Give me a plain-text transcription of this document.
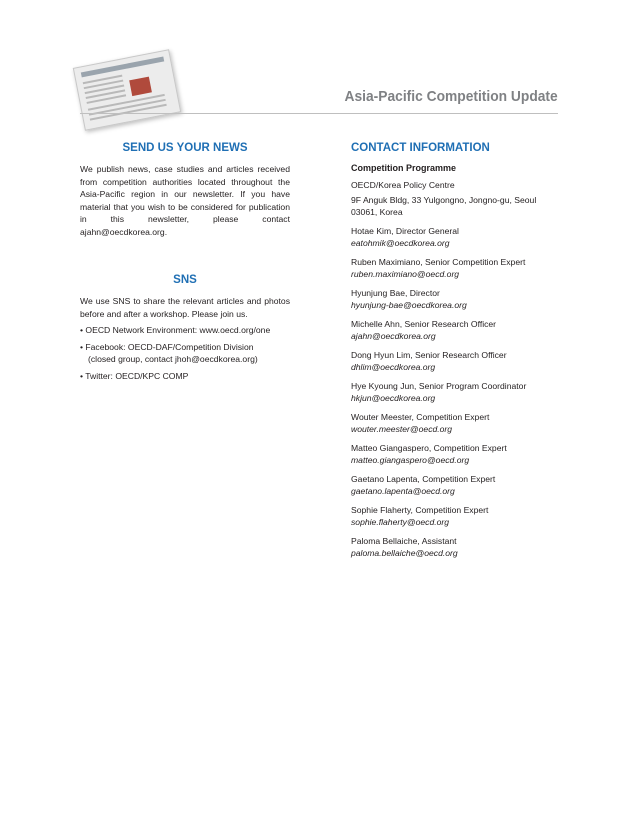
Asia-Pacific Competition Update
SEND US YOUR NEWS

We publish news, case studies and articles received from competition authorities located throughout the Asia-Pacific region in our newsletter. If you have material that you wish to be considered for publication in this newsletter, please contact ajahn@oecdkorea.org.

SNS

We use SNS to share the relevant articles and photos before and after a workshop. Please join us.

• OECD Network Environment: www.oecd.org/one
• Facebook: OECD-DAF/Competition Division
(closed group, contact jhoh@oecdkorea.org)
• Twitter: OECD/KPC COMP
CONTACT INFORMATION
Competition Programme
OECD/Korea Policy Centre
9F Anguk Bldg, 33 Yulgongno, Jongno-gu, Seoul 03061, Korea
Hotae Kim, Director General
eatohmik@oecdkorea.org
Ruben Maximiano, Senior Competition Expert
ruben.maximiano@oecd.org
Hyunjung Bae, Director
hyunjung-bae@oecdkorea.org
Michelle Ahn, Senior Research Officer
ajahn@oecdkorea.org
Dong Hyun Lim, Senior Research Officer
dhlim@oecdkorea.org
Hye Kyoung Jun, Senior Program Coordinator
hkjun@oecdkorea.org
Wouter Meester, Competition Expert
wouter.meester@oecd.org
Matteo Giangaspero, Competition Expert
matteo.giangaspero@oecd.org
Gaetano Lapenta, Competition Expert
gaetano.lapenta@oecd.org
Sophie Flaherty, Competition Expert
sophie.flaherty@oecd.org
Paloma Bellaiche, Assistant
paloma.bellaiche@oecd.org
